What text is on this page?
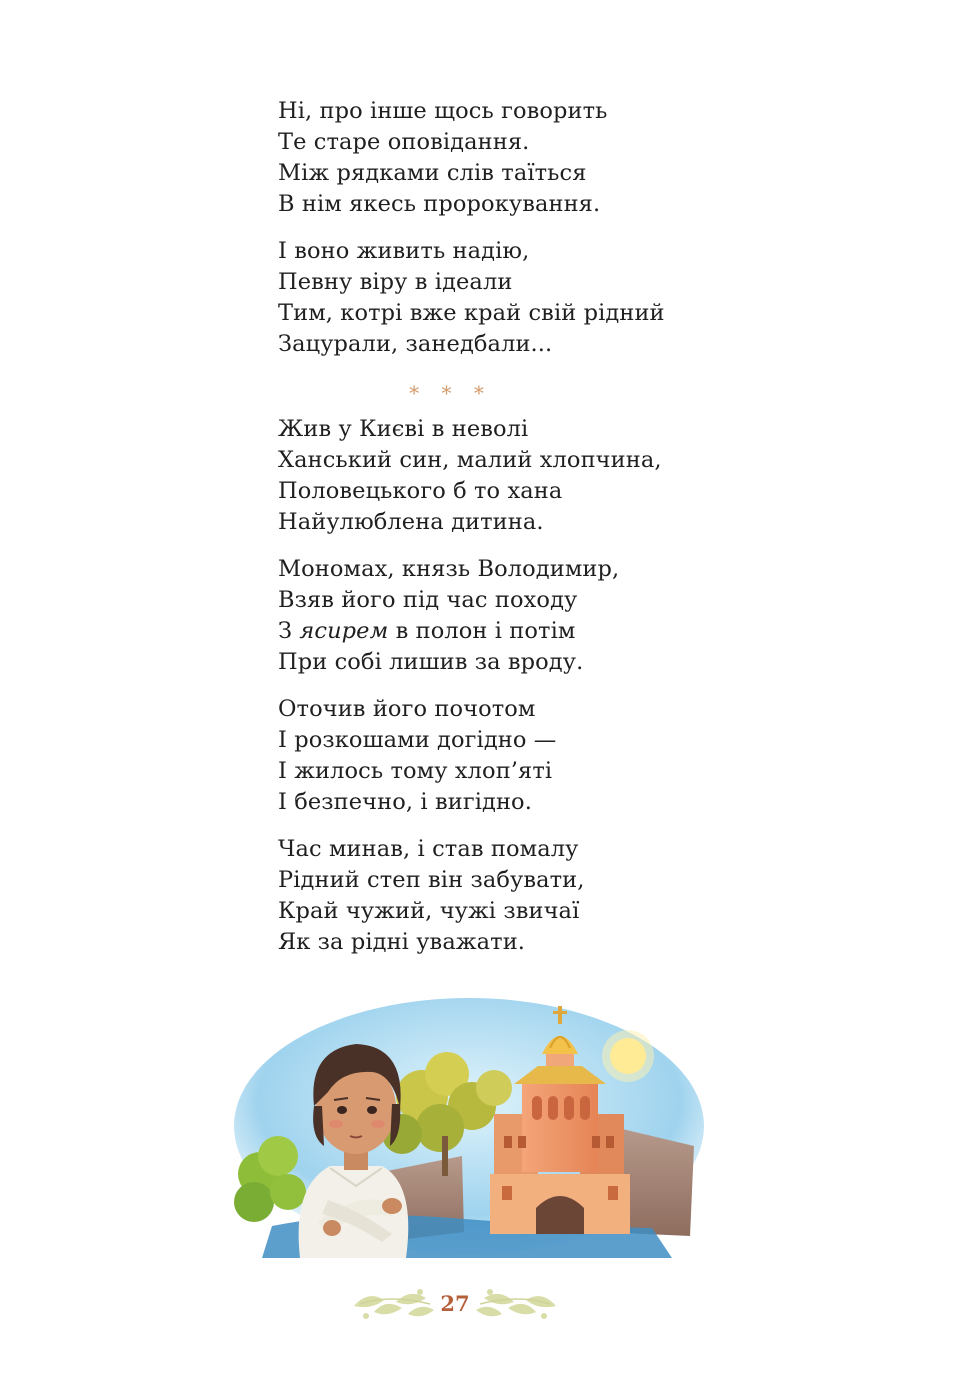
Ні, про інше щось говорить
Те старе оповідання.
Між рядками слів таїться
В нім якесь пророкування.
І воно живить надію,
Певну віру в ідеали
Тим, котрі вже край свій рідний
Зацурали, занедбали...
* * *
Жив у Києві в неволі
Ханський син, малий хлопчина,
Половецького б то хана
Найулюблена дитина.
Мономах, князь Володимир,
Взяв його під час походу
З ясирем в полон і потім
При собі лишив за вроду.
Оточив його почотом
І розкошами догідно —
І жилось тому хлоп’яті
І безпечно, і вигідно.
Час минав, і став помалу
Рідний степ він забувати,
Край чужий, чужі звичаї
Як за рідні уважати.
27
